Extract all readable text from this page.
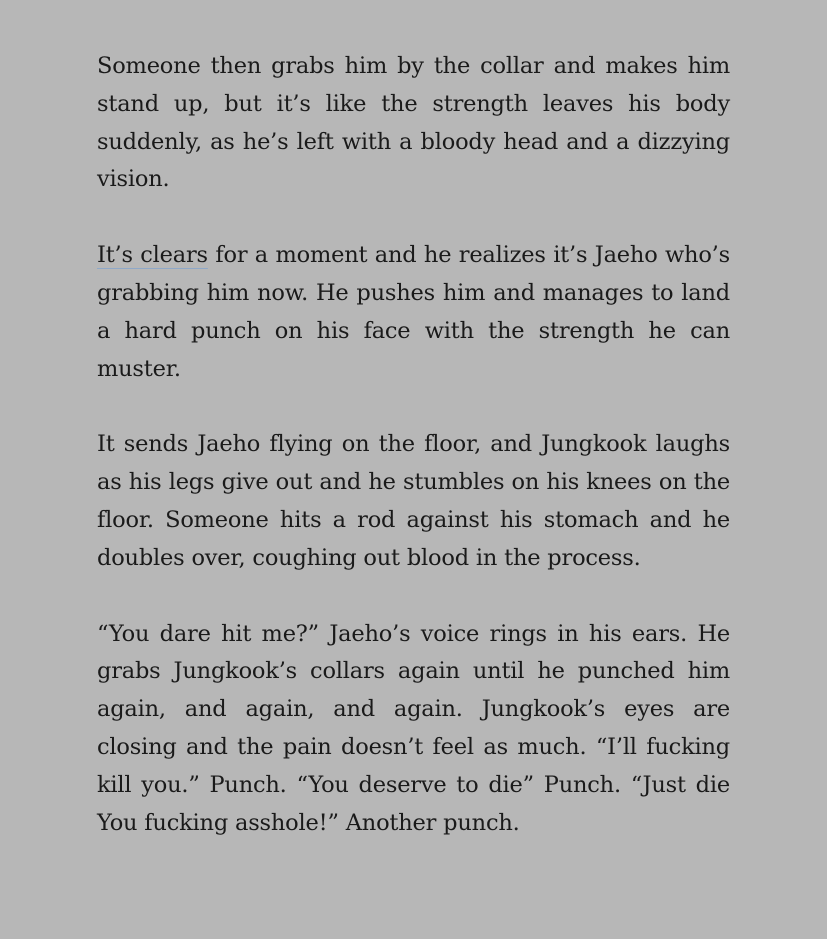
Someone then grabs him by the collar and makes him stand up, but it’s like the strength leaves his body suddenly, as he’s left with a bloody head and a dizzying vision.

It’s clears for a moment and he realizes it’s Jaeho who’s grabbing him now. He pushes him and manages to land a hard punch on his face with the strength he can muster.

It sends Jaeho flying on the floor, and Jungkook laughs as his legs give out and he stumbles on his knees on the floor. Someone hits a rod against his stomach and he doubles over, coughing out blood in the process.

“You dare hit me?” Jaeho’s voice rings in his ears. He grabs Jungkook’s collars again until he punched him again, and again, and again. Jungkook’s eyes are closing and the pain doesn’t feel as much. “I’ll fucking kill you.” Punch. “You deserve to die” Punch. “Just die You fucking asshole!” Another punch.
